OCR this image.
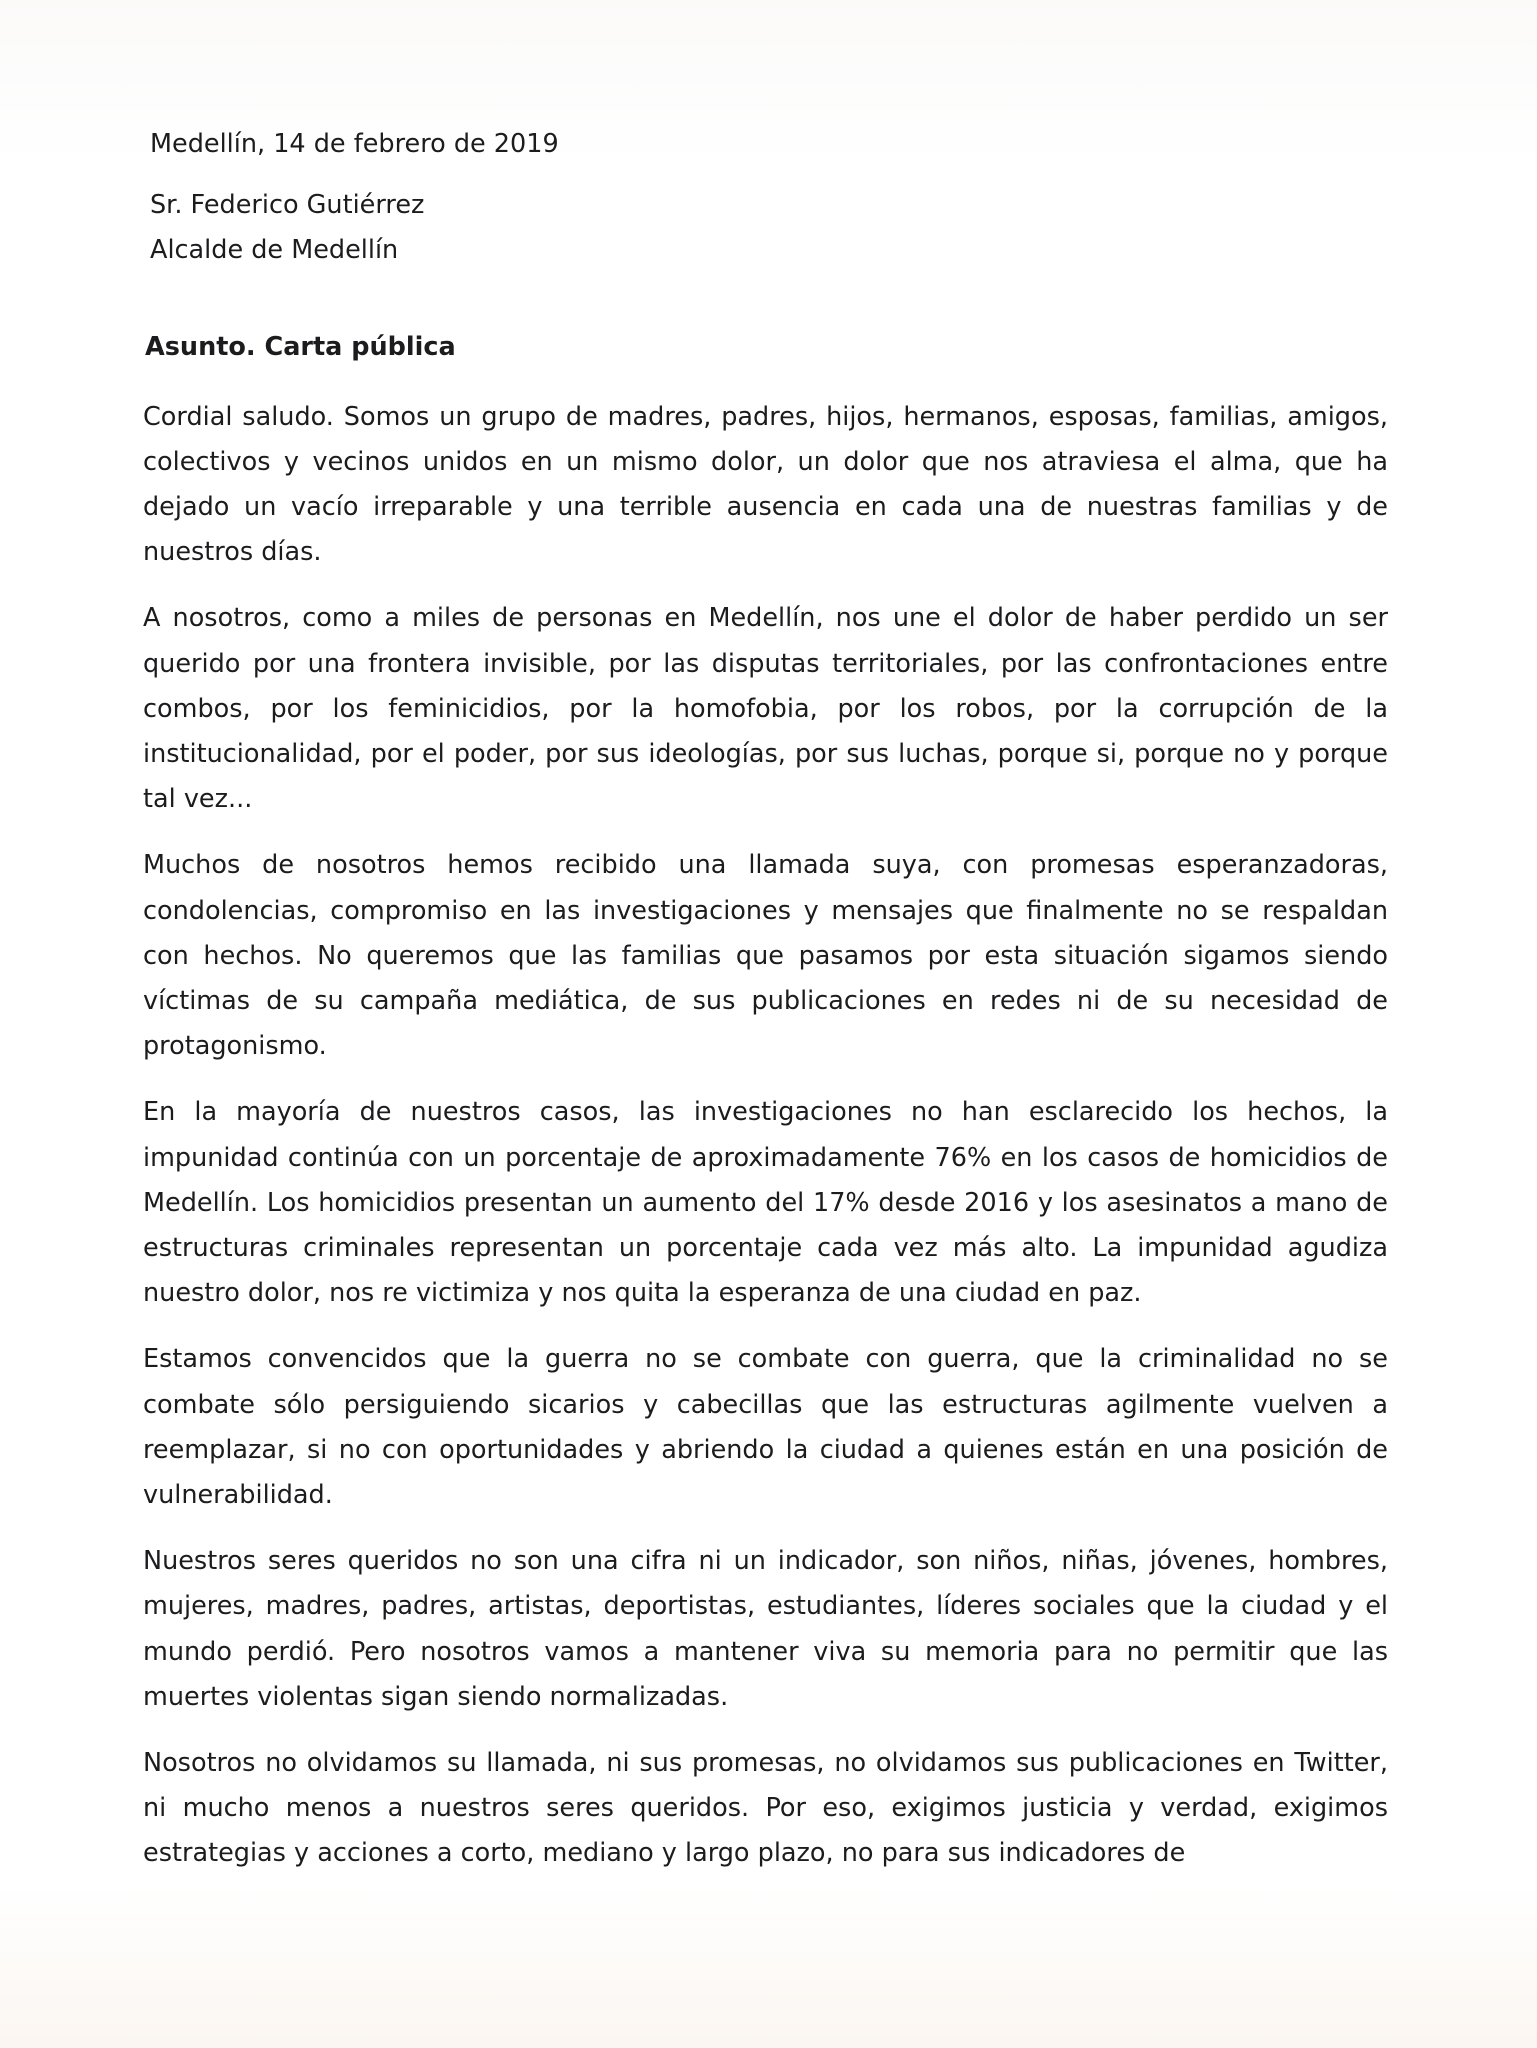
Medellín, 14 de febrero de 2019

Sr. Federico Gutiérrez

Alcalde de Medellín

Asunto. Carta pública

Cordial saludo. Somos un grupo de madres, padres, hijos, hermanos, esposas, familias, amigos, colectivos y vecinos unidos en un mismo dolor, un dolor que nos atraviesa el alma, que ha dejado un vacío irreparable y una terrible ausencia en cada una de nuestras familias y de nuestros días.

A nosotros, como a miles de personas en Medellín, nos une el dolor de haber perdido un ser querido por una frontera invisible, por las disputas territoriales, por las confrontaciones entre combos, por los feminicidios, por la homofobia, por los robos, por la corrupción de la institucionalidad, por el poder, por sus ideologías, por sus luchas, porque si, porque no y porque tal vez...

Muchos de nosotros hemos recibido una llamada suya, con promesas esperanzadoras, condolencias, compromiso en las investigaciones y mensajes que finalmente no se respaldan con hechos. No queremos que las familias que pasamos por esta situación sigamos siendo víctimas de su campaña mediática, de sus publicaciones en redes ni de su necesidad de protagonismo.

En la mayoría de nuestros casos, las investigaciones no han esclarecido los hechos, la impunidad continúa con un porcentaje de aproximadamente 76% en los casos de homicidios de Medellín. Los homicidios presentan un aumento del 17% desde 2016 y los asesinatos a mano de estructuras criminales representan un porcentaje cada vez más alto. La impunidad agudiza nuestro dolor, nos re victimiza y nos quita la esperanza de una ciudad en paz.

Estamos convencidos que la guerra no se combate con guerra, que la criminalidad no se combate sólo persiguiendo sicarios y cabecillas que las estructuras agilmente vuelven a reemplazar, si no con oportunidades y abriendo la ciudad a quienes están en una posición de vulnerabilidad.

Nuestros seres queridos no son una cifra ni un indicador, son niños, niñas, jóvenes, hombres, mujeres, madres, padres, artistas, deportistas, estudiantes, líderes sociales que la ciudad y el mundo perdió. Pero nosotros vamos a mantener viva su memoria para no permitir que las muertes violentas sigan siendo normalizadas.

Nosotros no olvidamos su llamada, ni sus promesas, no olvidamos sus publicaciones en Twitter, ni mucho menos a nuestros seres queridos. Por eso, exigimos justicia y verdad, exigimos estrategias y acciones a corto, mediano y largo plazo, no para sus indicadores de
